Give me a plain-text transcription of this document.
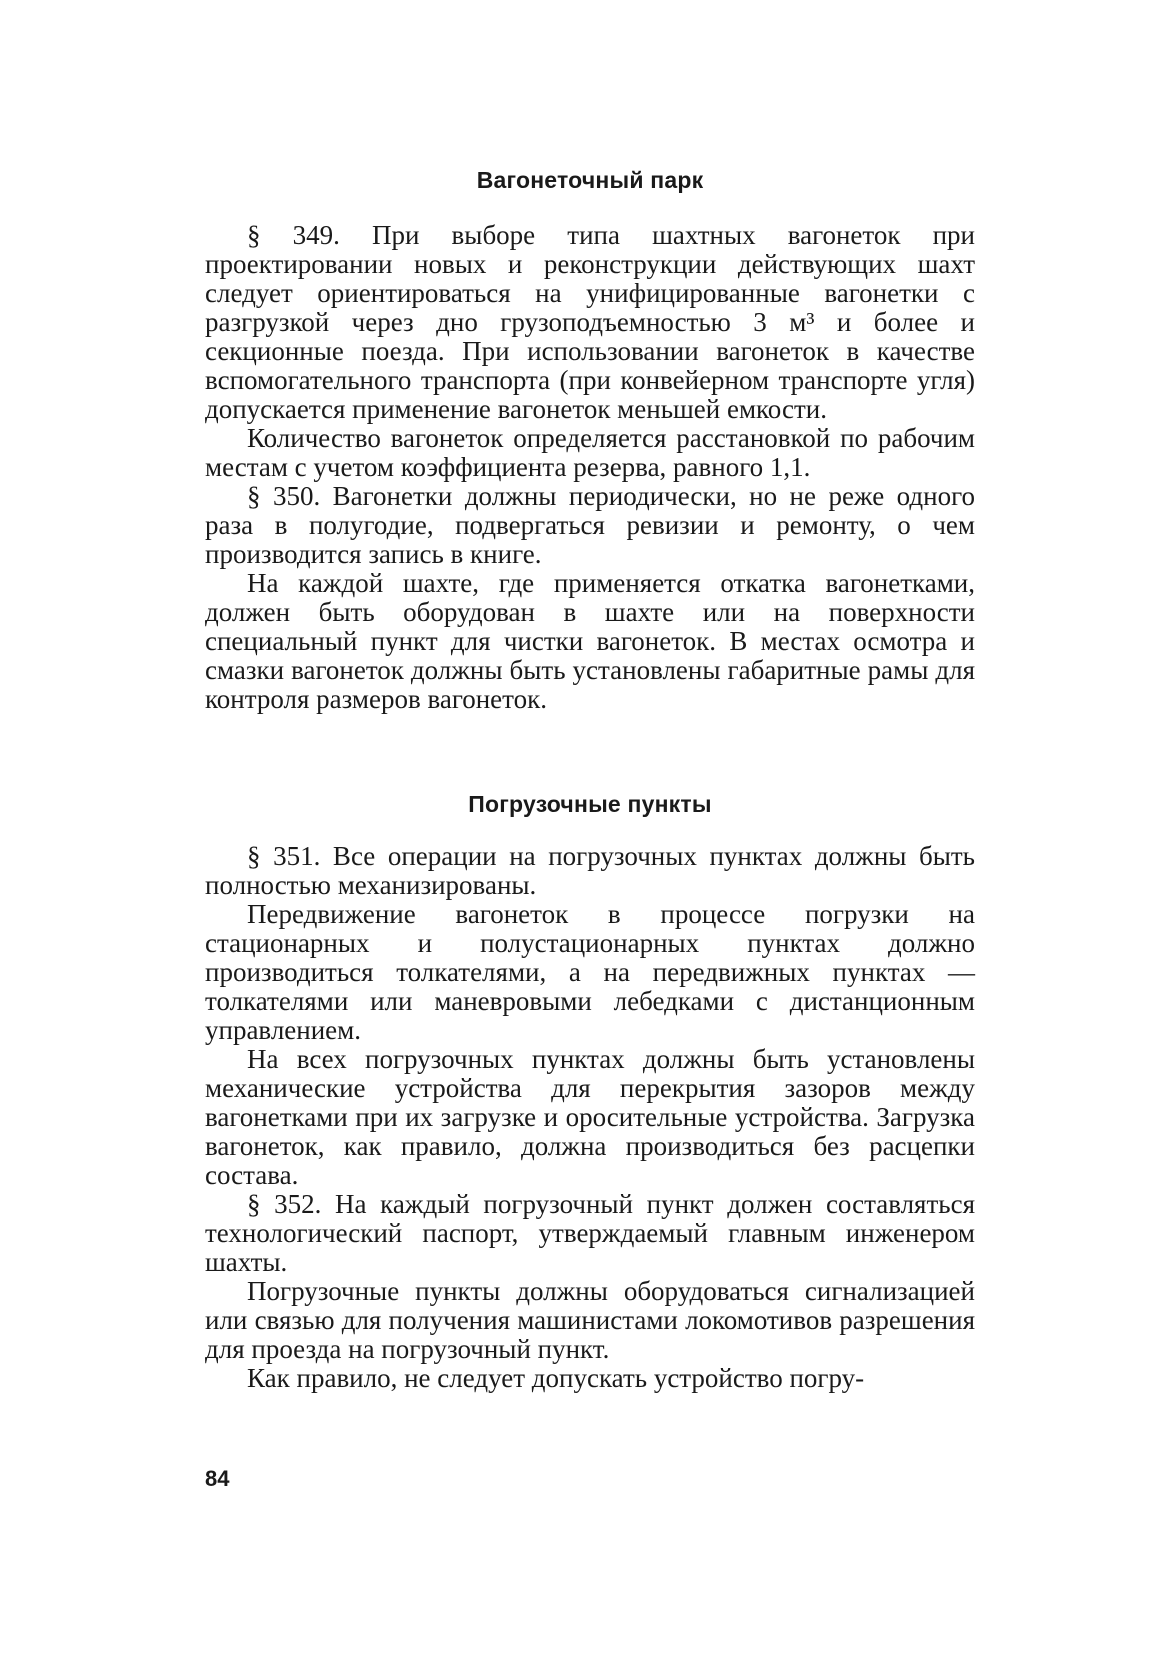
Вагонеточный парк

§ 349. При выборе типа шахтных вагонеток при проектировании новых и реконструкции действующих шахт следует ориентироваться на унифицированные вагонетки с разгрузкой через дно грузоподъемностью 3 м³ и более и секционные поезда. При использовании вагонеток в качестве вспомогательного транспорта (при конвейерном транспорте угля) допускается применение вагонеток меньшей емкости.

Количество вагонеток определяется расстановкой по рабочим местам с учетом коэффициента резерва, равного 1,1.

§ 350. Вагонетки должны периодически, но не реже одного раза в полугодие, подвергаться ревизии и ремонту, о чем производится запись в книге.

На каждой шахте, где применяется откатка вагонетками, должен быть оборудован в шахте или на поверхности специальный пункт для чистки вагонеток. В местах осмотра и смазки вагонеток должны быть установлены габаритные рамы для контроля размеров вагонеток.

Погрузочные пункты

§ 351. Все операции на погрузочных пунктах должны быть полностью механизированы.

Передвижение вагонеток в процессе погрузки на стационарных и полустационарных пунктах должно производиться толкателями, а на передвижных пунктах — толкателями или маневровыми лебедками с дистанционным управлением.

На всех погрузочных пунктах должны быть установлены механические устройства для перекрытия зазоров между вагонетками при их загрузке и оросительные устройства. Загрузка вагонеток, как правило, должна производиться без расцепки состава.

§ 352. На каждый погрузочный пункт должен составляться технологический паспорт, утверждаемый главным инженером шахты.

Погрузочные пункты должны оборудоваться сигнализацией или связью для получения машинистами локомотивов разрешения для проезда на погрузочный пункт.

Как правило, не следует допускать устройство погру-

84
